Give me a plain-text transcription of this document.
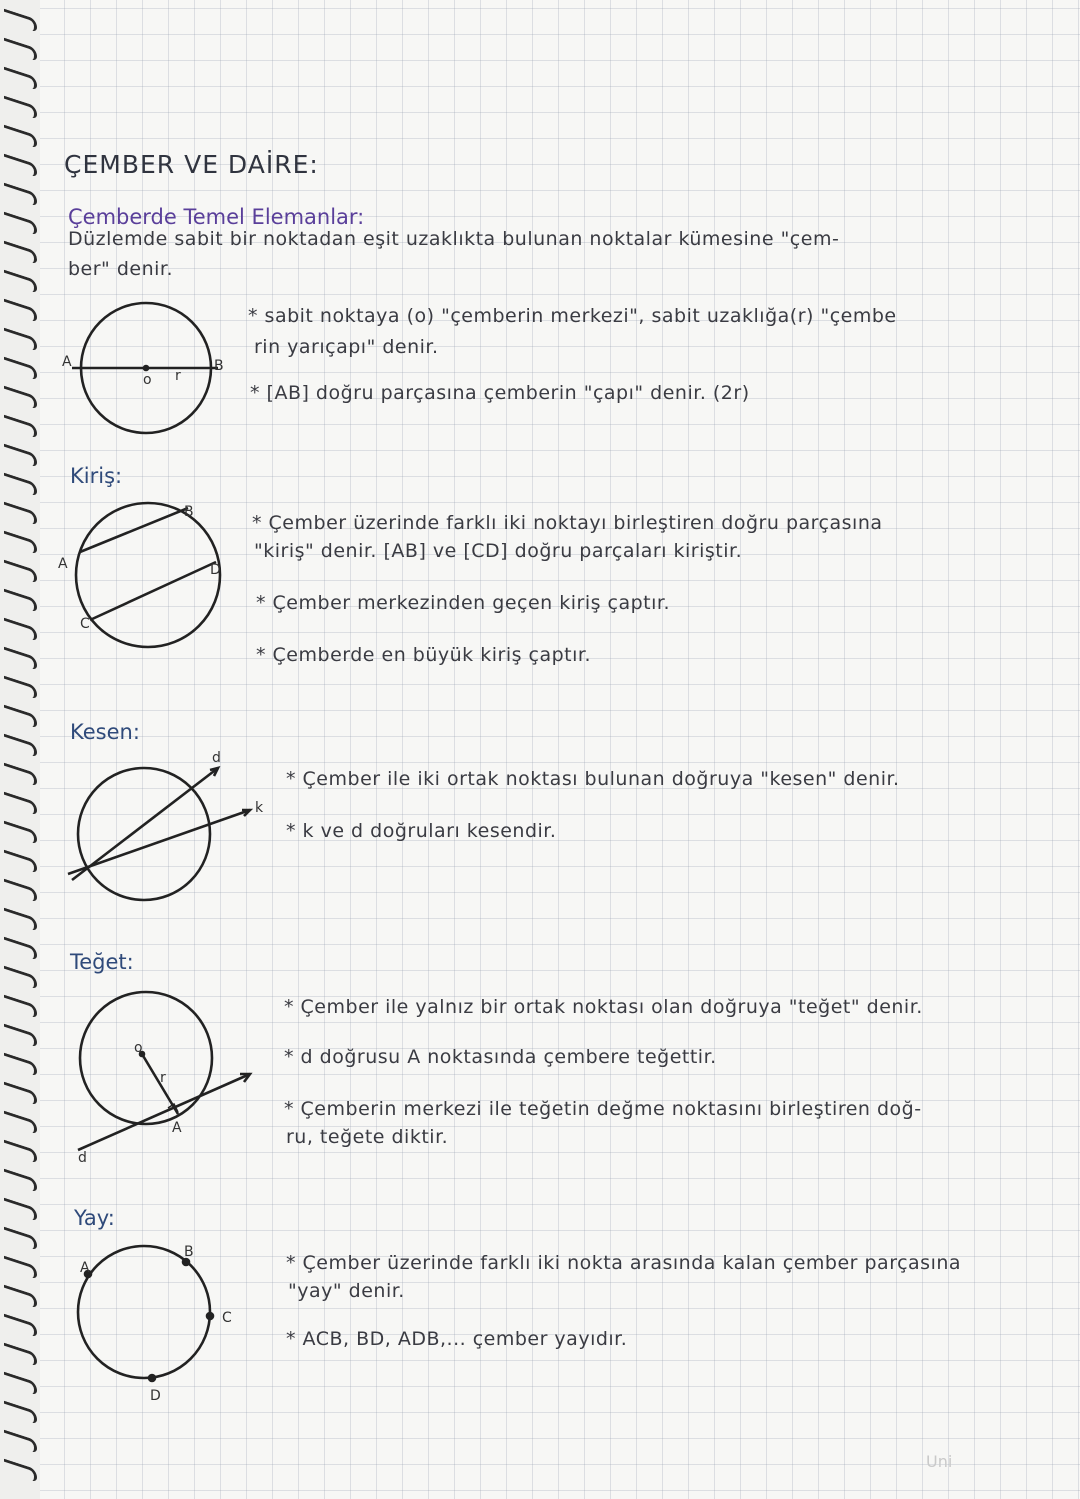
ÇEMBER VE DAİRE:
Çemberde Temel Elemanlar:
Düzlemde sabit bir noktadan eşit uzaklıkta bulunan noktalar kümesine "çem-
ber" denir.
A	B
o r
* sabit noktaya (o) "çemberin merkezi", sabit uzaklığa(r) "çembe
rin yarıçapı" denir.
* [AB] doğru parçasına çemberin "çapı" denir. (2r)
Kiriş:
A
B
C
D
* Çember üzerinde farklı iki noktayı birleştiren doğru parçasına
"kiriş" denir. [AB] ve [CD] doğru parçaları kiriştir.
* Çember merkezinden geçen kiriş çaptır.
* Çemberde en büyük kiriş çaptır.
Kesen:
d
k
* Çember ile iki ortak noktası bulunan doğruya "kesen" denir.
* k ve d doğruları kesendir.
Teğet:
o
r
A
d
* Çember ile yalnız bir ortak noktası olan doğruya "teğet" denir.
* d doğrusu A noktasında çembere teğettir.
* Çemberin merkezi ile teğetin değme noktasını birleştiren doğ-
ru, teğete diktir.
Yay:
A
B
C
D
* Çember üzerinde farklı iki nokta arasında kalan çember parçasına
"yay" denir.
* ACB, BD, ADB,... çember yayıdır.
Uni
